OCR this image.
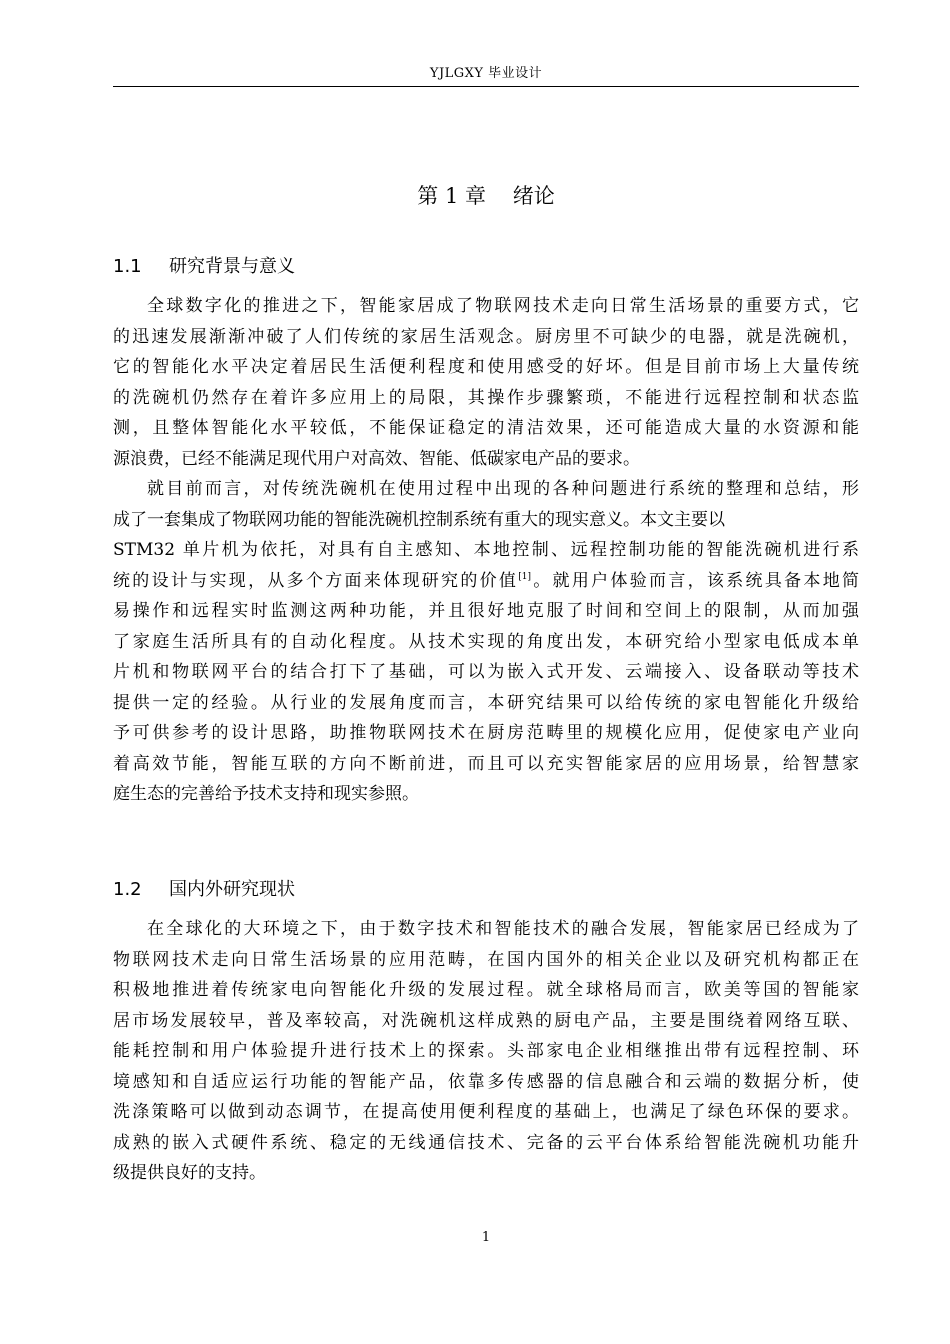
YJLGXY 毕业设计
第 1 章    绪论
1.1 研究背景与意义
全球数字化的推进之下，智能家居成了物联网技术走向日常生活场景的重要方式，它
的迅速发展渐渐冲破了人们传统的家居生活观念。厨房里不可缺少的电器，就是洗碗机，
它的智能化水平决定着居民生活便利程度和使用感受的好坏。但是目前市场上大量传统
的洗碗机仍然存在着许多应用上的局限，其操作步骤繁琐，不能进行远程控制和状态监
测，且整体智能化水平较低，不能保证稳定的清洁效果，还可能造成大量的水资源和能
源浪费，已经不能满足现代用户对高效、智能、低碳家电产品的要求。
就目前而言，对传统洗碗机在使用过程中出现的各种问题进行系统的整理和总结，形
成了一套集成了物联网功能的智能洗碗机控制系统有重大的现实意义。本文主要以
STM32 单片机为依托，对具有自主感知、本地控制、远程控制功能的智能洗碗机进行系
统的设计与实现，从多个方面来体现研究的价值[1]。就用户体验而言，该系统具备本地简
易操作和远程实时监测这两种功能，并且很好地克服了时间和空间上的限制，从而加强
了家庭生活所具有的自动化程度。从技术实现的角度出发，本研究给小型家电低成本单
片机和物联网平台的结合打下了基础，可以为嵌入式开发、云端接入、设备联动等技术
提供一定的经验。从行业的发展角度而言，本研究结果可以给传统的家电智能化升级给
予可供参考的设计思路，助推物联网技术在厨房范畴里的规模化应用，促使家电产业向
着高效节能，智能互联的方向不断前进，而且可以充实智能家居的应用场景，给智慧家
庭生态的完善给予技术支持和现实参照。
1.2 国内外研究现状
在全球化的大环境之下，由于数字技术和智能技术的融合发展，智能家居已经成为了
物联网技术走向日常生活场景的应用范畴，在国内国外的相关企业以及研究机构都正在
积极地推进着传统家电向智能化升级的发展过程。就全球格局而言，欧美等国的智能家
居市场发展较早，普及率较高，对洗碗机这样成熟的厨电产品，主要是围绕着网络互联、
能耗控制和用户体验提升进行技术上的探索。头部家电企业相继推出带有远程控制、环
境感知和自适应运行功能的智能产品，依靠多传感器的信息融合和云端的数据分析，使
洗涤策略可以做到动态调节，在提高使用便利程度的基础上，也满足了绿色环保的要求。
成熟的嵌入式硬件系统、稳定的无线通信技术、完备的云平台体系给智能洗碗机功能升
级提供良好的支持。
1
